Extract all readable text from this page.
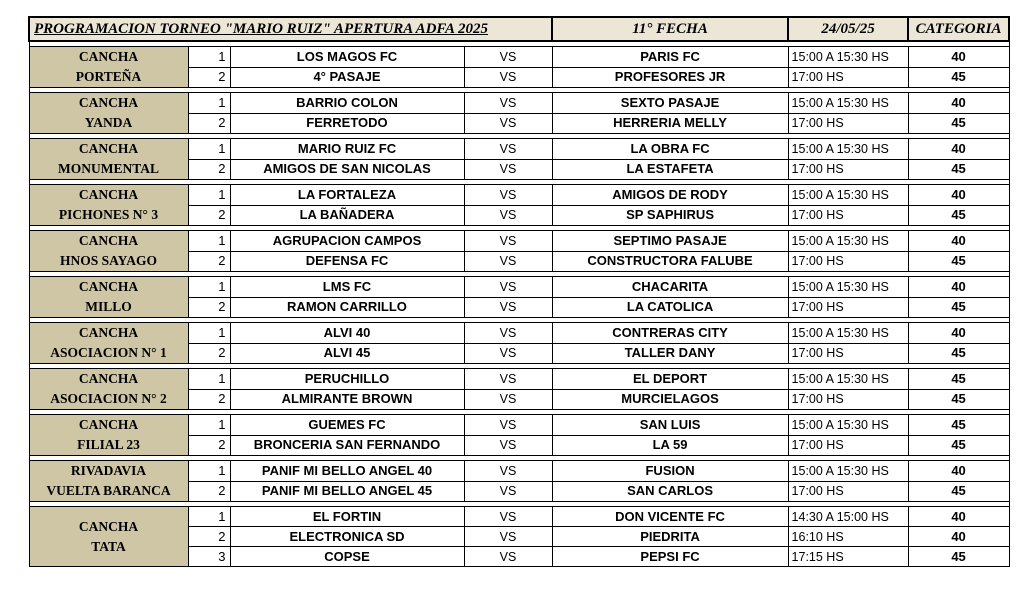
PROGRAMACION TORNEO "MARIO RUIZ" APERTURA ADFA 2025				11° FECHA	24/05/25	CATEGORIA

CANCHA
PORTEÑA	1	LOS MAGOS FC	VS	PARIS FC	15:00 A 15:30 HS	40
	2	4° PASAJE	VS	PROFESORES JR	17:00 HS	45

CANCHA
YANDA	1	BARRIO COLON	VS	SEXTO PASAJE	15:00 A 15:30 HS	40
	2	FERRETODO	VS	HERRERIA MELLY	17:00 HS	45

CANCHA
MONUMENTAL	1	MARIO RUIZ FC	VS	LA OBRA FC	15:00 A 15:30 HS	40
	2	AMIGOS DE SAN NICOLAS	VS	LA ESTAFETA	17:00 HS	45

CANCHA
PICHONES N° 3	1	LA FORTALEZA	VS	AMIGOS DE RODY	15:00 A 15:30 HS	40
	2	LA BAÑADERA	VS	SP SAPHIRUS	17:00 HS	45

CANCHA
HNOS SAYAGO	1	AGRUPACION CAMPOS	VS	SEPTIMO PASAJE	15:00 A 15:30 HS	40
	2	DEFENSA FC	VS	CONSTRUCTORA FALUBE	17:00 HS	45

CANCHA
MILLO	1	LMS FC	VS	CHACARITA	15:00 A 15:30 HS	40
	2	RAMON CARRILLO	VS	LA CATOLICA	17:00 HS	45

CANCHA
ASOCIACION N° 1	1	ALVI 40	VS	CONTRERAS CITY	15:00 A 15:30 HS	40
	2	ALVI 45	VS	TALLER DANY	17:00 HS	45

CANCHA
ASOCIACION N° 2	1	PERUCHILLO	VS	EL DEPORT	15:00 A 15:30 HS	45
	2	ALMIRANTE BROWN	VS	MURCIELAGOS	17:00 HS	45

CANCHA
FILIAL 23	1	GUEMES FC	VS	SAN LUIS	15:00 A 15:30 HS	45
	2	BRONCERIA SAN FERNANDO	VS	LA 59	17:00 HS	45

RIVADAVIA
VUELTA BARANCA	1	PANIF MI BELLO ANGEL 40	VS	FUSION	15:00 A 15:30 HS	40
	2	PANIF MI BELLO ANGEL 45	VS	SAN CARLOS	17:00 HS	45

CANCHA
TATA	1	EL FORTIN	VS	DON VICENTE FC	14:30 A 15:00 HS	40
	2	ELECTRONICA SD	VS	PIEDRITA	16:10 HS	40
	3	COPSE	VS	PEPSI FC	17:15 HS	45
